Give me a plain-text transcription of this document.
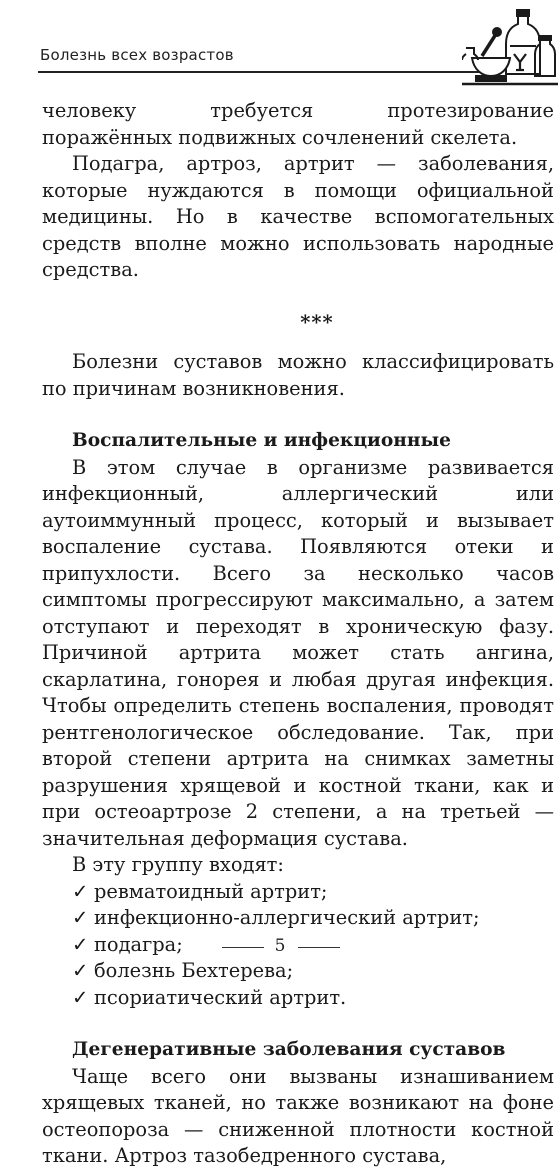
Болезнь всех возрастов

человеку требуется протезирование поражённых подвижных сочленений скелета.

Подагра, артроз, артрит — заболевания, которые нуждаются в помощи официальной медицины. Но в качестве вспомогательных средств вполне можно использовать народные средства.

***

Болезни суставов можно классифицировать по причинам возникновения.

Воспалительные и инфекционные

В этом случае в организме развивается инфекционный, аллергический или аутоиммунный процесс, который и вызывает воспаление сустава. Появляются отеки и припухлости. Всего за несколько часов симптомы прогрессируют максимально, а затем отступают и переходят в хроническую фазу. Причиной артрита может стать ангина, скарлатина, гонорея и любая другая инфекция. Чтобы определить степень воспаления, проводят рентгенологическое обследование. Так, при второй степени артрита на снимках заметны разрушения хрящевой и костной ткани, как и при остеоартрозе 2 степени, а на третьей — значительная деформация сустава.

В эту группу входят:

✓ ревматоидный артрит;
✓ инфекционно-аллергический артрит;
✓ подагра;
✓ болезнь Бехтерева;
✓ псориатический артрит.

Дегенеративные заболевания суставов

Чаще всего они вызваны изнашиванием хрящевых тканей, но также возникают на фоне остеопороза — сниженной плотности костной ткани. Артроз тазобедренного сустава,

5
